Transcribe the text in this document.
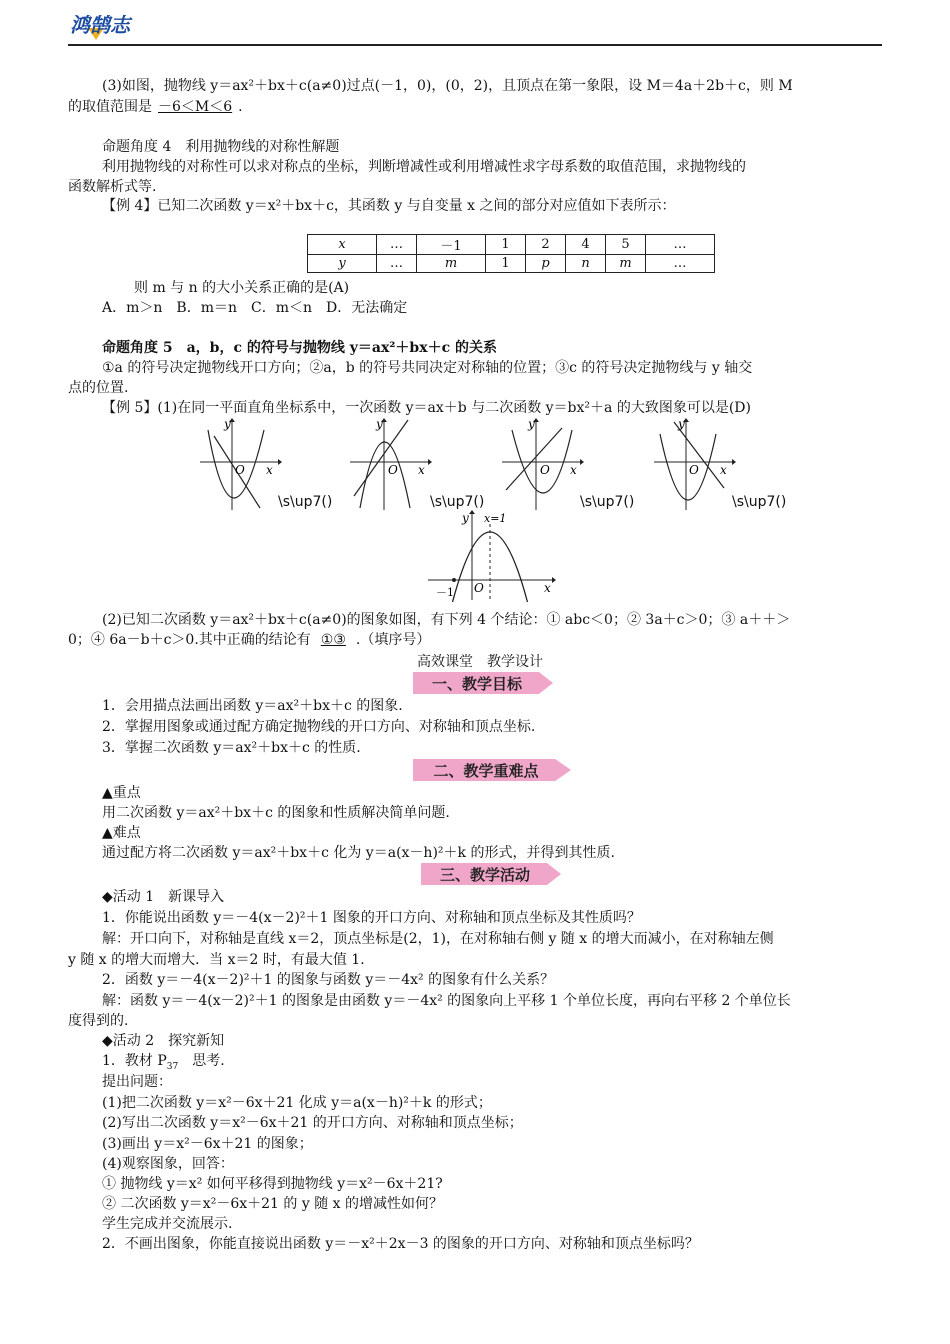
鸿鹄志
(3)如图，抛物线 y＝ax²＋bx＋c(a≠0)过点(－1，0)，(0，2)，且顶点在第一象限，设 M＝4a＋2b＋c，则 M
的取值范围是 －6＜M＜6 .
命题角度 4　利用抛物线的对称性解题
利用抛物线的对称性可以求对称点的坐标，判断增减性或利用增减性求字母系数的取值范围，求抛物线的
函数解析式等.
【例 4】已知二次函数 y＝x²＋bx＋c，其函数 y 与自变量 x 之间的部分对应值如下表所示：
x	…	－1	1	2	4	5	…
y	…	m	1	p	n	m	…
则 m 与 n 的大小关系正确的是(A)
A．m＞n　B．m＝n　C．m＜n　D．无法确定
命题角度 5　a，b，c 的符号与抛物线 y＝ax²＋bx＋c 的关系
①a 的符号决定抛物线开口方向；②a，b 的符号共同决定对称轴的位置；③c 的符号决定抛物线与 y 轴交
点的位置.
【例 5】(1)在同一平面直角坐标系中，一次函数 y＝ax＋b 与二次函数 y＝bx²＋a 的大致图象可以是(D)
y
O x
y
O x
y
O x
y
O x
\s\up7()	\s\up7()	\s\up7()	\s\up7()
y x=1
O	x
－1
(2)已知二次函数 y＝ax²＋bx＋c(a≠0)的图象如图，有下列 4 个结论：① abc＜0；② 3a＋c＞0；③ a＋＋＞
0；④ 6a－b＋c＞0.其中正确的结论有 ①③ .（填序号）
高效课堂　教学设计
一、教学目标
1．会用描点法画出函数 y＝ax²＋bx＋c 的图象.
2．掌握用图象或通过配方确定抛物线的开口方向、对称轴和顶点坐标.
3．掌握二次函数 y＝ax²＋bx＋c 的性质.
二、教学重难点
▲重点
用二次函数 y＝ax²＋bx＋c 的图象和性质解决简单问题.
▲难点
通过配方将二次函数 y＝ax²＋bx＋c 化为 y＝a(x－h)²＋k 的形式，并得到其性质.
三、教学活动
◆活动 1　新课导入
1．你能说出函数 y＝－4(x－2)²＋1 图象的开口方向、对称轴和顶点坐标及其性质吗？
解：开口向下，对称轴是直线 x＝2，顶点坐标是(2，1)，在对称轴右侧 y 随 x 的增大而减小，在对称轴左侧
y 随 x 的增大而增大．当 x＝2 时，有最大值 1.
2．函数 y＝－4(x－2)²＋1 的图象与函数 y＝－4x² 的图象有什么关系？
解：函数 y＝－4(x－2)²＋1 的图象是由函数 y＝－4x² 的图象向上平移 1 个单位长度，再向右平移 2 个单位长
度得到的.
◆活动 2　探究新知
1．教材 $P_{37}$　思考.
提出问题：
(1)把二次函数 y＝x²－6x＋21 化成 y＝a(x－h)²＋k 的形式；
(2)写出二次函数 y＝x²－6x＋21 的开口方向、对称轴和顶点坐标；
(3)画出 y＝x²－6x＋21 的图象；
(4)观察图象，回答：
① 抛物线 y＝x² 如何平移得到抛物线 y＝x²－6x＋21?
② 二次函数 y＝x²－6x＋21 的 y 随 x 的增减性如何？
学生完成并交流展示.
2．不画出图象，你能直接说出函数 y＝－x²＋2x－3 的图象的开口方向、对称轴和顶点坐标吗？
